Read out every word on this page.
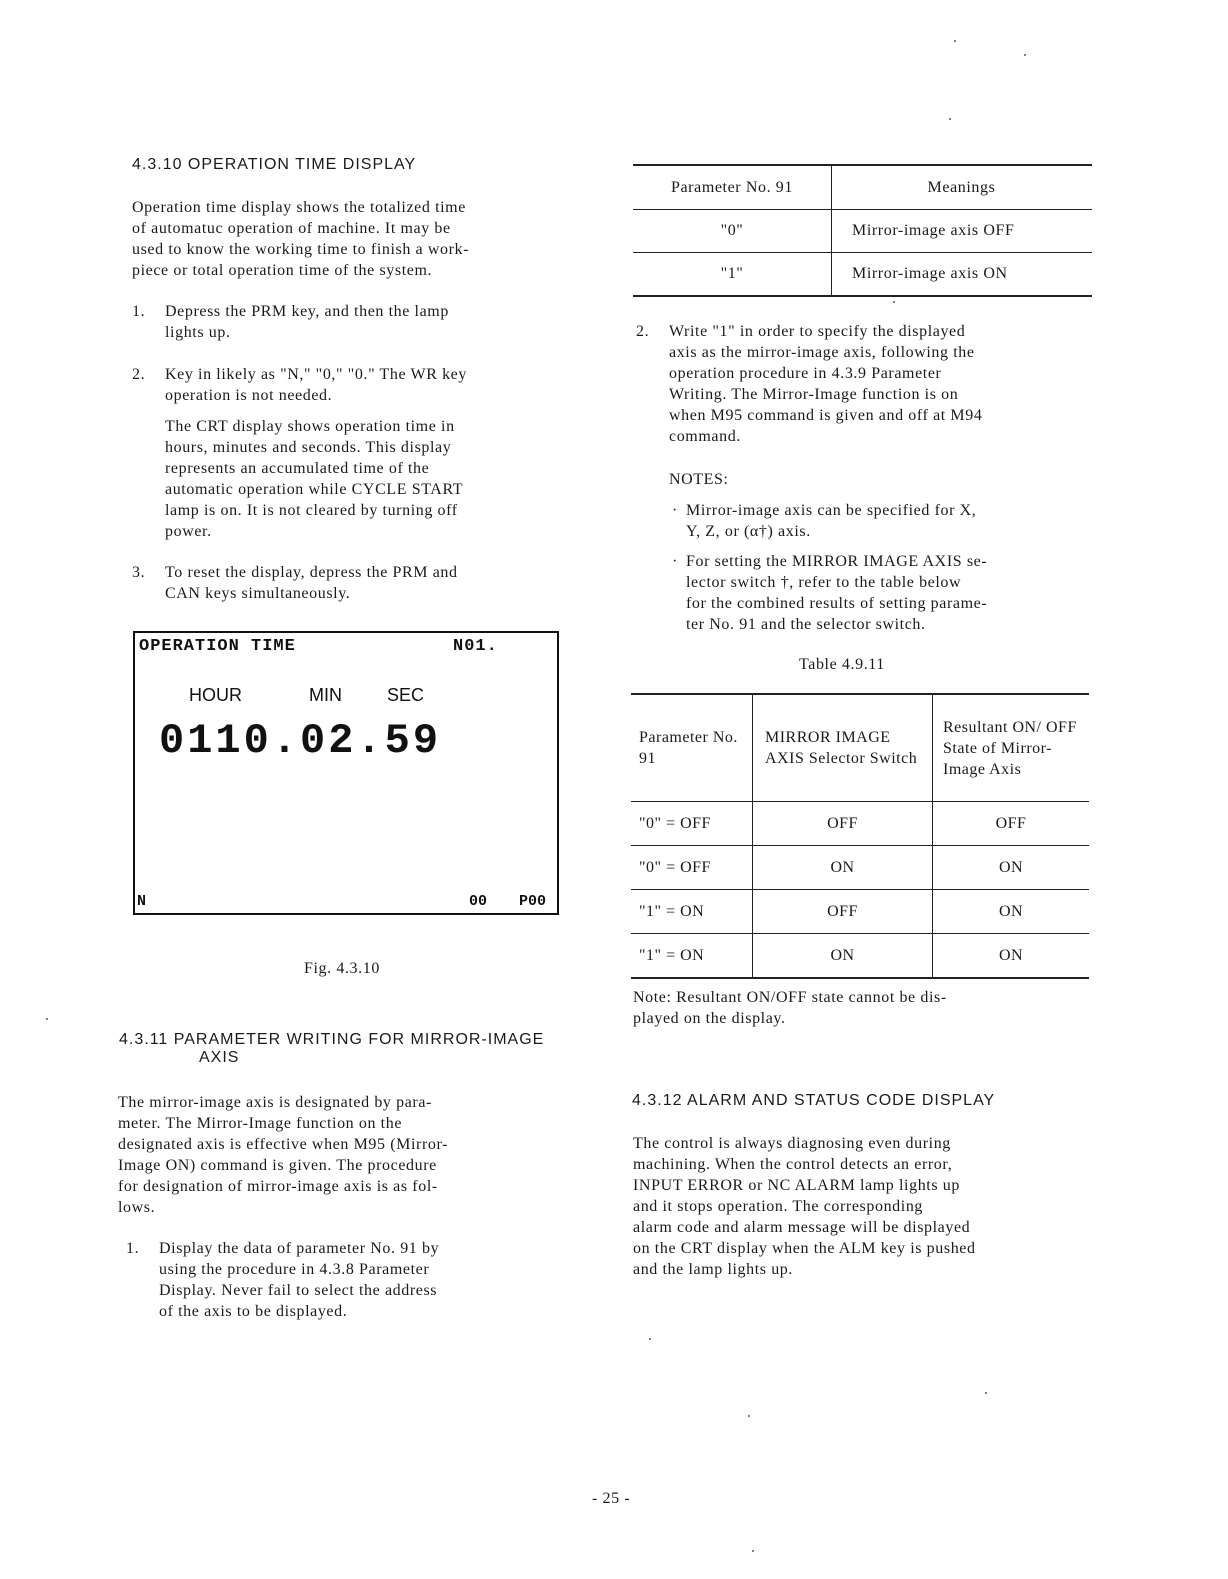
4.3.10 OPERATION TIME DISPLAY
Operation time display shows the totalized time
of automatuc operation of machine. It may be
used to know the working time to finish a work-
piece or total operation time of the system.
1. Depress the PRM key, and then the lamp
lights up.
2. Key in likely as "N," "0," "0." The WR key
operation is not needed.
The CRT display shows operation time in
hours, minutes and seconds. This display
represents an accumulated time of the
automatic operation while CYCLE START
lamp is on. It is not cleared by turning off
power.
3. To reset the display, depress the PRM and
CAN keys simultaneously.
OPERATION TIME	N01.
HOUR	MIN	SEC
0110.02.59
N	00 P00
Fig. 4.3.10
4.3.11 PARAMETER WRITING FOR MIRROR-IMAGE
AXIS
The mirror-image axis is designated by para-
meter. The Mirror-Image function on the
designated axis is effective when M95 (Mirror-
Image ON) command is given. The procedure
for designation of mirror-image axis is as fol-
lows.
1. Display the data of parameter No. 91 by
using the procedure in 4.3.8 Parameter
Display. Never fail to select the address
of the axis to be displayed.
Parameter No. 91	Meanings
"0"	Mirror-image axis OFF
"1"	Mirror-image axis ON
2. Write "1" in order to specify the displayed
axis as the mirror-image axis, following the
operation procedure in 4.3.9 Parameter
Writing. The Mirror-Image function is on
when M95 command is given and off at M94
command.
NOTES:
· Mirror-image axis can be specified for X,
Y, Z, or (α†) axis.
· For setting the MIRROR IMAGE AXIS se-
lector switch †, refer to the table below
for the combined results of setting parame-
ter No. 91 and the selector switch.
Table 4.9.11
Parameter No. 91	MIRROR IMAGE AXIS Selector Switch	Resultant ON/ OFF State of Mirror-Image Axis
"0" = OFF	OFF	OFF
"0" = OFF	ON	ON
"1" = ON	OFF	ON
"1" = ON	ON	ON
Note: Resultant ON/OFF state cannot be dis-
played on the display.
4.3.12 ALARM AND STATUS CODE DISPLAY
The control is always diagnosing even during
machining. When the control detects an error,
INPUT ERROR or NC ALARM lamp lights up
and it stops operation. The corresponding
alarm code and alarm message will be displayed
on the CRT display when the ALM key is pushed
and the lamp lights up.
- 25 -
